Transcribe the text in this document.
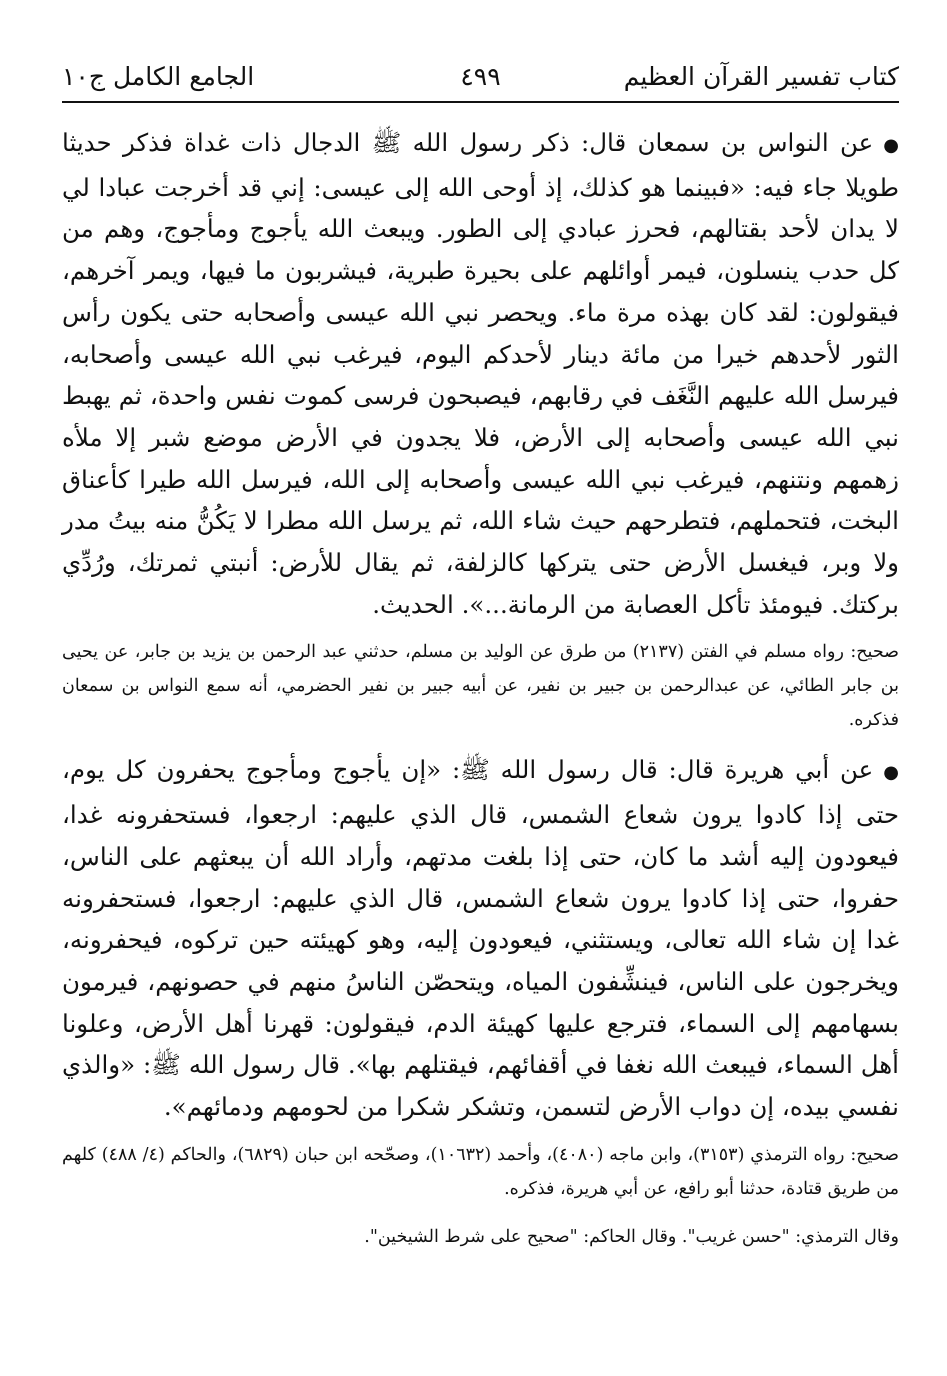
كتاب تفسير القرآن العظيم
٤٩٩
الجامع الكامل ج١٠

●عن النواس بن سمعان قال: ذكر رسول الله ﷺ الدجال ذات غداة فذكر حديثا طويلا جاء فيه: «فبينما هو كذلك، إذ أوحى الله إلى عيسى: إني قد أخرجت عبادا لي لا يدان لأحد بقتالهم، فحرز عبادي إلى الطور. ويبعث الله يأجوج ومأجوج، وهم من كل حدب ينسلون، فيمر أوائلهم على بحيرة طبرية، فيشربون ما فيها، ويمر آخرهم، فيقولون: لقد كان بهذه مرة ماء. ويحصر نبي الله عيسى وأصحابه حتى يكون رأس الثور لأحدهم خيرا من مائة دينار لأحدكم اليوم، فيرغب نبي الله عيسى وأصحابه، فيرسل الله عليهم النَّغَف في رقابهم، فيصبحون فرسى كموت نفس واحدة، ثم يهبط نبي الله عيسى وأصحابه إلى الأرض، فلا يجدون في الأرض موضع شبر إلا ملأه زهمهم ونتنهم، فيرغب نبي الله عيسى وأصحابه إلى الله، فيرسل الله طيرا كأعناق البخت، فتحملهم، فتطرحهم حيث شاء الله، ثم يرسل الله مطرا لا يَكُنُّ منه بيتُ مدر ولا وبر، فيغسل الأرض حتى يتركها كالزلفة، ثم يقال للأرض: أنبتي ثمرتك، ورُدِّي بركتك. فيومئذ تأكل العصابة من الرمانة...». الحديث.

صحيح: رواه مسلم في الفتن (٢١٣٧) من طرق عن الوليد بن مسلم، حدثني عبد الرحمن بن يزيد بن جابر، عن يحيى بن جابر الطائي، عن عبدالرحمن بن جبير بن نفير، عن أبيه جبير بن نفير الحضرمي، أنه سمع النواس بن سمعان فذكره.

●عن أبي هريرة قال: قال رسول الله ﷺ: «إن يأجوج ومأجوج يحفرون كل يوم، حتى إذا كادوا يرون شعاع الشمس، قال الذي عليهم: ارجعوا، فستحفرونه غدا، فيعودون إليه أشد ما كان، حتى إذا بلغت مدتهم، وأراد الله أن يبعثهم على الناس، حفروا، حتى إذا كادوا يرون شعاع الشمس، قال الذي عليهم: ارجعوا، فستحفرونه غدا إن شاء الله تعالى، ويستثني، فيعودون إليه، وهو كهيئته حين تركوه، فيحفرونه، ويخرجون على الناس، فينشِّفون المياه، ويتحصّن الناسُ منهم في حصونهم، فيرمون بسهامهم إلى السماء، فترجع عليها كهيئة الدم، فيقولون: قهرنا أهل الأرض، وعلونا أهل السماء، فيبعث الله نغفا في أقفائهم، فيقتلهم بها». قال رسول الله ﷺ: «والذي نفسي بيده، إن دواب الأرض لتسمن، وتشكر شكرا من لحومهم ودمائهم».

صحيح: رواه الترمذي (٣١٥٣)، وابن ماجه (٤٠٨٠)، وأحمد (١٠٦٣٢)، وصحّحه ابن حبان (٦٨٢٩)، والحاكم (٤/ ٤٨٨) كلهم من طريق قتادة، حدثنا أبو رافع، عن أبي هريرة، فذكره.

وقال الترمذي: "حسن غريب". وقال الحاكم: "صحيح على شرط الشيخين".
